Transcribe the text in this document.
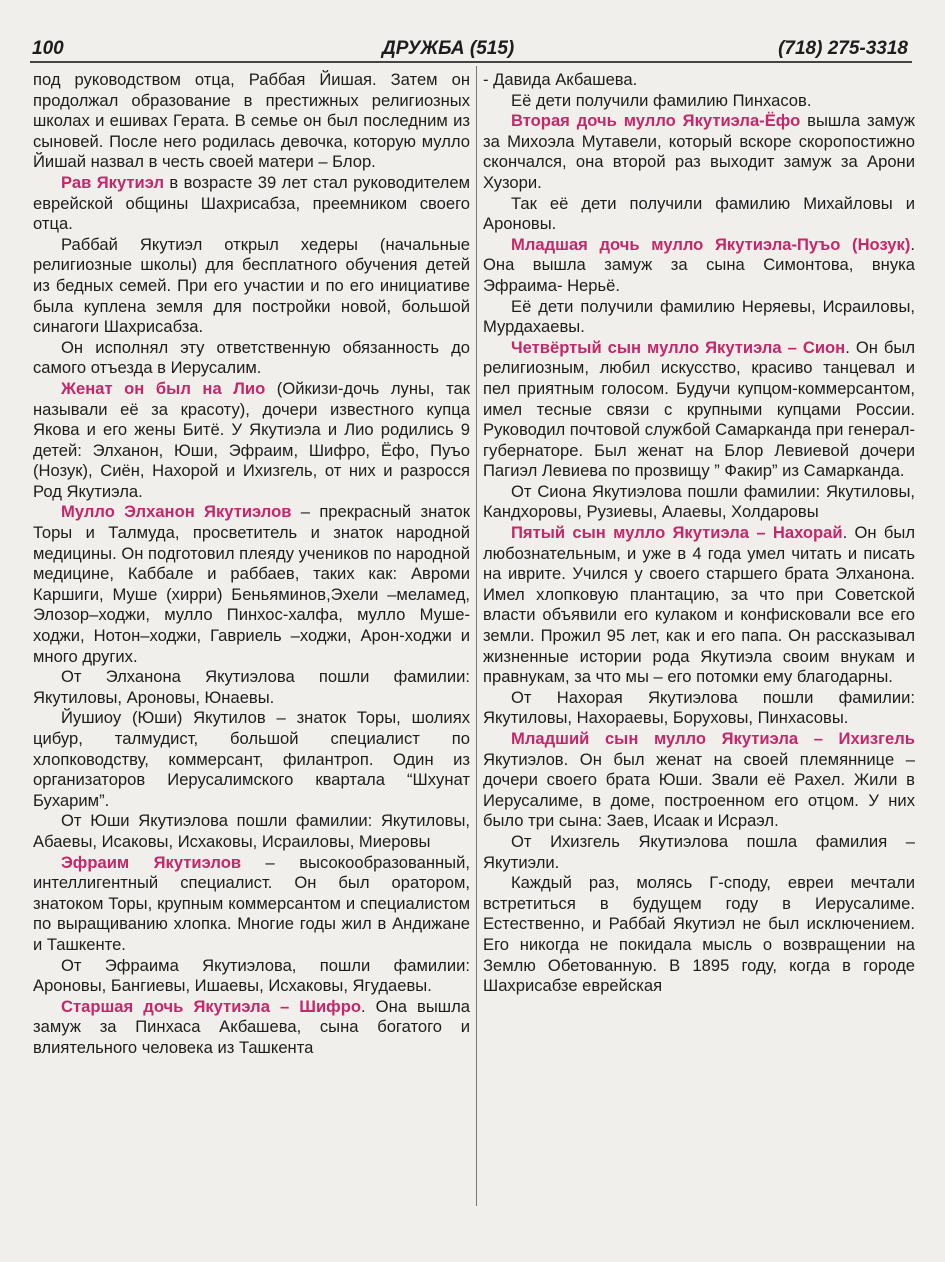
100	ДРУЖБА (515)	(718) 275-3318

под руководством отца, Раббая Йишая. Затем он продолжал образование в престижных религиозных школах и ешивах Герата. В семье он был последним из сыновей. После него родилась девочка, которую мулло Йишай назвал в честь своей матери – Блор.

Рав Якутиэл в возрасте 39 лет стал руководителем еврейской общины Шахрисабза, преемником своего отца.

Раббай Якутиэл открыл хедеры (начальные религиозные школы) для бесплатного обучения детей из бедных семей. При его участии и по его инициативе была куплена земля для постройки новой, большой синагоги Шахрисабза.

Он исполнял эту ответственную обязанность до самого отъезда в Иерусалим.

Женат он был на Лио (Ойкизи-дочь луны, так называли её за красоту), дочери известного купца Якова и его жены Битё. У Якутиэла и Лио родились 9 детей: Элханон, Юши, Эфраим, Шифро, Ёфо, Пуъо (Нозук), Сиён, Нахорой и Ихизгель, от них и разросся Род Якутиэла.

Мулло Элханон Якутиэлов – прекрасный знаток Торы и Талмуда, просветитель и знаток народной медицины. Он подготовил плеяду учеников по народной медицине, Каббале и раббаев, таких как: Авроми Каршиги, Муше (хирри) Беньяминов,Эхели –меламед, Элозор–ходжи, мулло Пинхос-халфа, мулло Муше-ходжи, Нотон–ходжи, Гавриель –ходжи, Арон-ходжи и много других.

От Элханона Якутиэлова пошли фамилии: Якутиловы, Ароновы, Юнаевы.

Йушиоу (Юши) Якутилов – знаток Торы, шолиях цибур, талмудист, большой специалист по хлопководству, коммерсант, филантроп. Один из организаторов Иерусалимского квартала “Шхунат Бухарим”.

От Юши Якутиэлова пошли фамилии: Якутиловы, Абаевы, Исаковы, Исхаковы, Исраиловы, Миеровы

Эфраим Якутиэлов – высокообразованный, интеллигентный специалист. Он был оратором, знатоком Торы, крупным коммерсантом и специалистом по выращиванию хлопка. Многие годы жил в Андижане и Ташкенте.

От Эфраима Якутиэлова, пошли фамилии: Ароновы, Бангиевы, Ишаевы, Исхаковы, Ягудаевы.

Старшая дочь Якутиэла – Шифро. Она вышла замуж за Пинхаса Акбашева, сына богатого и влиятельного человека из Ташкента

- Давида Акбашева.

Её дети получили фамилию Пинхасов.

Вторая дочь мулло Якутиэла-Ёфо вышла замуж за Михоэла Мутавели, который вскоре скоропостижно скончался, она второй раз выходит замуж за Арони Хузори.

Так её дети получили фамилию Михайловы и Ароновы.

Младшая дочь мулло Якутиэла-Пуъо (Нозук). Она вышла замуж за сына Симонтова, внука Эфраима- Нерьё.

Её дети получили фамилию Неряевы, Исраиловы, Мурдахаевы.

Четвёртый сын мулло Якутиэла – Сион. Он был религиозным, любил искусство, красиво танцевал и пел приятным голосом. Будучи купцом-коммерсантом, имел тесные связи с крупными купцами России. Руководил почтовой службой Самарканда при генерал-губернаторе. Был женат на Блор Левиевой дочери Пагиэл Левиева по прозвищу ” Факир” из Самарканда.

От Сиона Якутиэлова пошли фамилии: Якутиловы, Кандхоровы, Рузиевы, Алаевы, Холдаровы

Пятый сын мулло Якутиэла – Нахорай. Он был любознательным, и уже в 4 года умел читать и писать на иврите. Учился у своего старшего брата Элханона. Имел хлопковую плантацию, за что при Советской власти объявили его кулаком и конфисковали все его земли. Прожил 95 лет, как и его папа. Он рассказывал жизненные истории рода Якутиэла своим внукам и правнукам, за что мы – его потомки ему благодарны.

От Нахорая Якутиэлова пошли фамилии: Якутиловы, Нахораевы, Боруховы, Пинхасовы.

Младший сын мулло Якутиэла – Ихизгель Якутиэлов. Он был женат на своей племяннице – дочери своего брата Юши. Звали её Рахел. Жили в Иерусалиме, в доме, построенном его отцом. У них было три сына: Заев, Исаак и Исраэл.

От Ихизгель Якутиэлова пошла фамилия – Якутиэли.

Каждый раз, молясь Г-споду, евреи мечтали встретиться в будущем году в Иерусалиме. Естественно, и Раббай Якутиэл не был исключением. Его никогда не покидала мысль о возвращении на Землю Обетованную. В 1895 году, когда в городе Шахрисабзе еврейская
